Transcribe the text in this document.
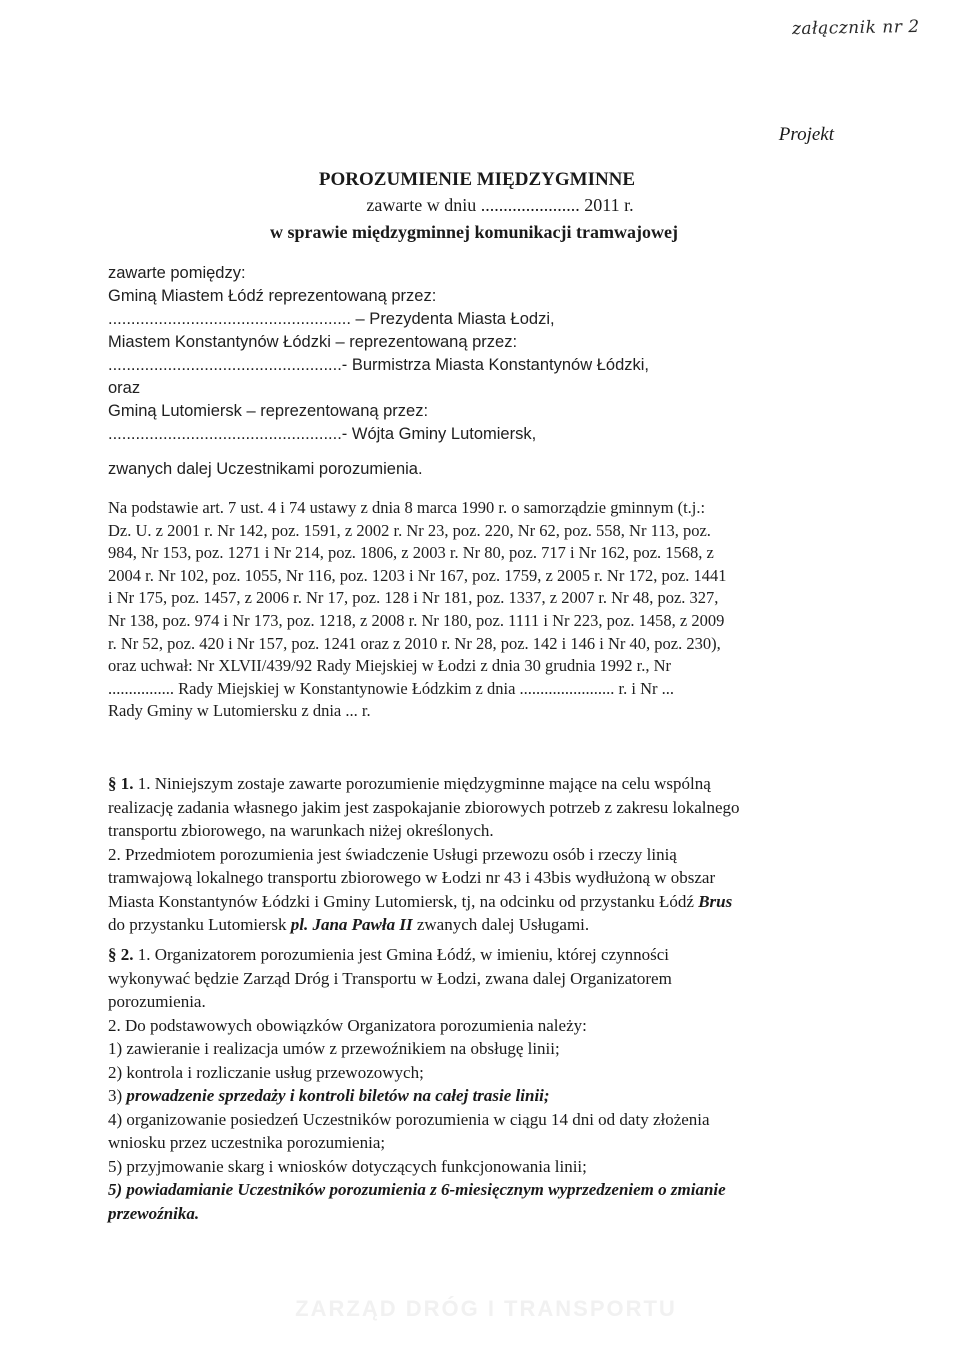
załącznik nr 2
Projekt
POROZUMIENIE MIĘDZYGMINNE
zawarte w dniu ...................... 2011 r.
w sprawie międzygminnej komunikacji tramwajowej

zawarte pomiędzy:

Gminą Miastem Łódź reprezentowaną przez:

..................................................... – Prezydenta Miasta Łodzi,

Miastem Konstantynów Łódzki – reprezentowaną przez:

...................................................- Burmistrza Miasta Konstantynów Łódzki,

oraz

Gminą Lutomiersk – reprezentowaną przez:

...................................................- Wójta Gminy Lutomiersk,

zwanych dalej Uczestnikami porozumienia.

Na podstawie art. 7 ust. 4 i 74 ustawy z dnia 8 marca 1990 r. o samorządzie gminnym (t.j.:

Dz. U. z 2001 r. Nr 142, poz. 1591, z 2002 r. Nr 23, poz. 220, Nr 62, poz. 558, Nr 113, poz.

984, Nr 153, poz. 1271 i Nr 214, poz. 1806, z 2003 r. Nr 80, poz. 717 i Nr 162, poz. 1568, z

2004 r. Nr 102, poz. 1055, Nr 116, poz. 1203 i Nr 167, poz. 1759, z 2005 r. Nr 172, poz. 1441

i Nr 175, poz. 1457, z 2006 r. Nr 17, poz. 128 i Nr 181, poz. 1337, z 2007 r. Nr 48, poz. 327,

Nr 138, poz. 974 i Nr 173, poz. 1218, z 2008 r. Nr 180, poz. 1111 i Nr 223, poz. 1458, z 2009

r. Nr 52, poz. 420 i Nr 157, poz. 1241 oraz z 2010 r. Nr 28, poz. 142 i 146 i Nr 40, poz. 230),

oraz uchwał: Nr XLVII/439/92 Rady Miejskiej w Łodzi z dnia 30 grudnia 1992 r., Nr

................ Rady Miejskiej w Konstantynowie Łódzkim z dnia ....................... r. i Nr ...

Rady Gminy w Lutomiersku z dnia ... r.

§ 1. 1. Niniejszym zostaje zawarte porozumienie międzygminne mające na celu wspólną

realizację zadania własnego jakim jest zaspokajanie zbiorowych potrzeb z zakresu lokalnego

transportu zbiorowego, na warunkach niżej określonych.

2. Przedmiotem porozumienia jest świadczenie Usługi przewozu osób i rzeczy linią

tramwajową lokalnego transportu zbiorowego w Łodzi nr 43 i 43bis wydłużoną w obszar

Miasta Konstantynów Łódzki i Gminy Lutomiersk, tj, na odcinku od przystanku Łódź Brus

do przystanku Lutomiersk pl. Jana Pawła II zwanych dalej Usługami.

§ 2. 1. Organizatorem porozumienia jest Gmina Łódź, w imieniu, której czynności

wykonywać będzie Zarząd Dróg i Transportu w Łodzi, zwana dalej Organizatorem

porozumienia.

2. Do podstawowych obowiązków Organizatora porozumienia należy:

1) zawieranie i realizacja umów z przewoźnikiem na obsługę linii;

2) kontrola i rozliczanie usług przewozowych;

3) prowadzenie sprzedaży i kontroli biletów na całej trasie linii;

4) organizowanie posiedzeń Uczestników porozumienia w ciągu 14 dni od daty złożenia

wniosku przez uczestnika porozumienia;

5) przyjmowanie skarg i wniosków dotyczących funkcjonowania linii;

5) powiadamianie Uczestników porozumienia z 6-miesięcznym wyprzedzeniem o zmianie

przewoźnika.

ZARZĄD DRÓG I TRANSPORTU
